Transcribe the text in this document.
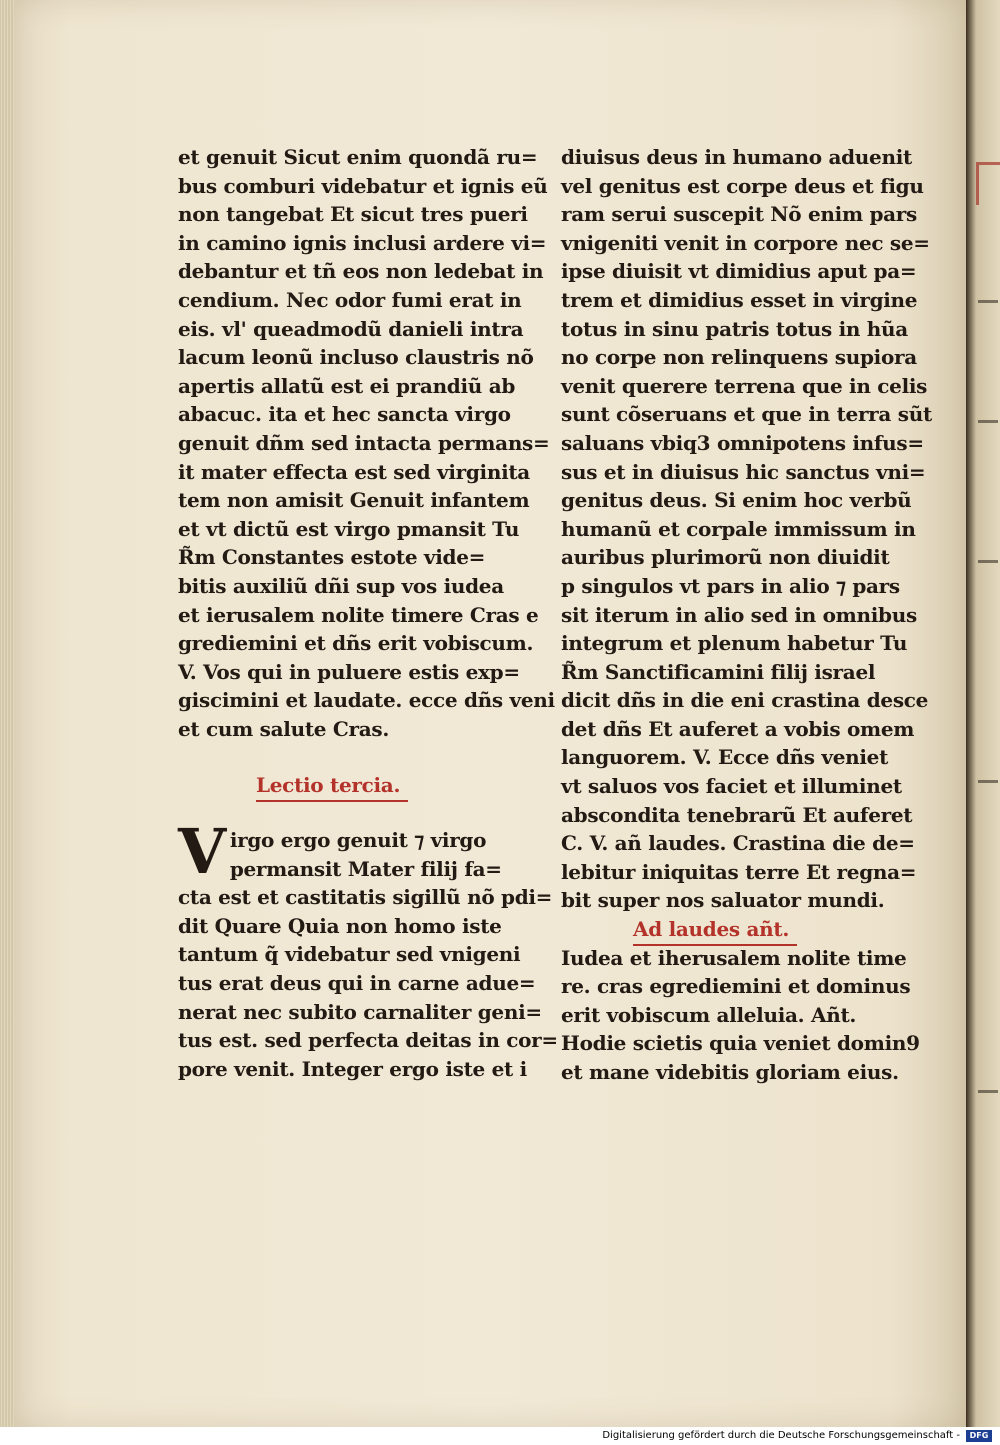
et genuit Sicut enim quondã ru=
bus comburi videbatur et ignis eũ
non tangebat Et sicut tres pueri
in camino ignis inclusi ardere vi=
debantur et tñ eos non ledebat in
cendium. Nec odor fumi erat in
eis. vl' queadmodũ danieli intra
lacum leonũ incluso claustris nõ
apertis allatũ est ei prandiũ ab
abacuc. ita et hec sancta virgo
genuit dñm sed intacta permans=
it mater effecta est sed virginita
tem non amisit Genuit infantem
et vt dictũ est virgo pmansit Tu
R̃m Constantes estote vide=
bitis auxiliũ dñi sup vos iudea
et ierusalem nolite timere Cras e
grediemini et dñs erit vobiscum.
V. Vos qui in puluere estis exp=
giscimini et laudate. ecce dñs veni
et cum salute Cras.
Lectio tercia.
V irgo ergo genuit ⁊ virgo
permansit Mater filij fa=
cta est et castitatis sigillũ nõ pdi=
dit Quare Quia non homo iste
tantum q̃ videbatur sed vnigeni
tus erat deus qui in carne adue=
nerat nec subito carnaliter geni=
tus est. sed perfecta deitas in cor=
pore venit. Integer ergo iste et i
diuisus deus in humano aduenit
vel genitus est corpe deus et figu
ram serui suscepit Nõ enim pars
vnigeniti venit in corpore nec se=
ipse diuisit vt dimidius aput pa=
trem et dimidius esset in virgine
totus in sinu patris totus in hũa
no corpe non relinquens supiora
venit querere terrena que in celis
sunt cõseruans et que in terra sũt
saluans vbiq3 omnipotens infus=
sus et in diuisus hic sanctus vni=
genitus deus. Si enim hoc verbũ
humanũ et corpale immissum in
auribus plurimorũ non diuidit
p singulos vt pars in alio ⁊ pars
sit iterum in alio sed in omnibus
integrum et plenum habetur Tu
R̃m Sanctificamini filij israel
dicit dñs in die eni crastina desce
det dñs Et auferet a vobis omem
languorem. V. Ecce dñs veniet
vt saluos vos faciet et illuminet
abscondita tenebrarũ Et auferet
C. V. añ laudes. Crastina die de=
lebitur iniquitas terre Et regna=
bit super nos saluator mundi.
Ad laudes añt.
Iudea et iherusalem nolite time
re. cras egrediemini et dominus
erit vobiscum alleluia. Añt.
Hodie scietis quia veniet domin9
et mane videbitis gloriam eius.
Digitalisierung gefördert durch die Deutsche Forschungsgemeinschaft -	DFG
